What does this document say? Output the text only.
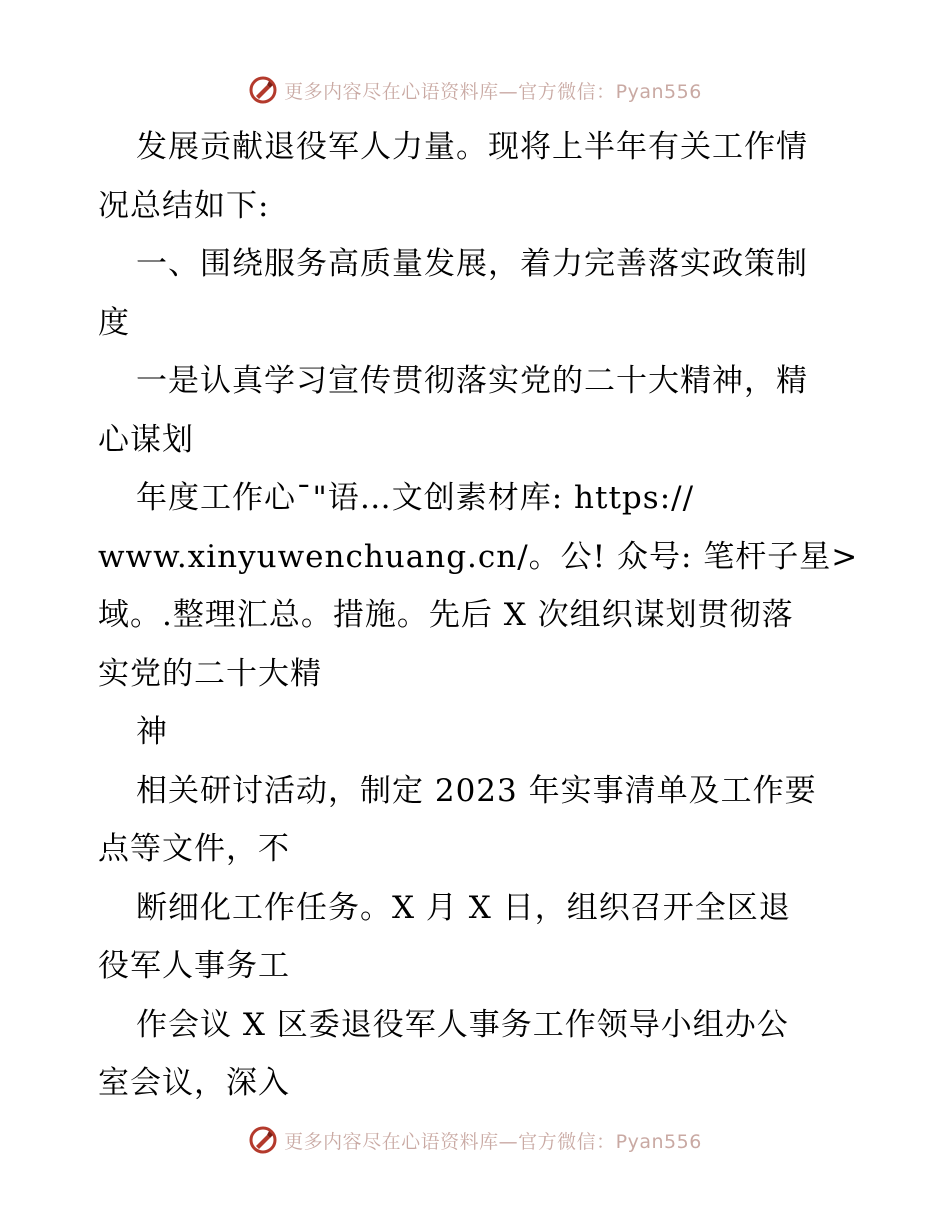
更多内容尽在心语资料库—官方微信：Pyan556
发展贡献退役军人力量。现将上半年有关工作情
况总结如下:
一、围绕服务高质量发展，着力完善落实政策制
度
一是认真学习宣传贯彻落实党的二十大精神，精
心谋划
年度工作心¯"语…文创素材库: https://
www.xinyuwenchuang.cn/。公! 众号: 笔杆子星>
域。.整理汇总。措施。先后 X 次组织谋划贯彻落
实党的二十大精
神
相关研讨活动，制定 2023 年实事清单及工作要
点等文件，不
断细化工作任务。X 月 X 日，组织召开全区退
役军人事务工
作会议 X 区委退役军人事务工作领导小组办公
室会议，深入
更多内容尽在心语资料库—官方微信：Pyan556
